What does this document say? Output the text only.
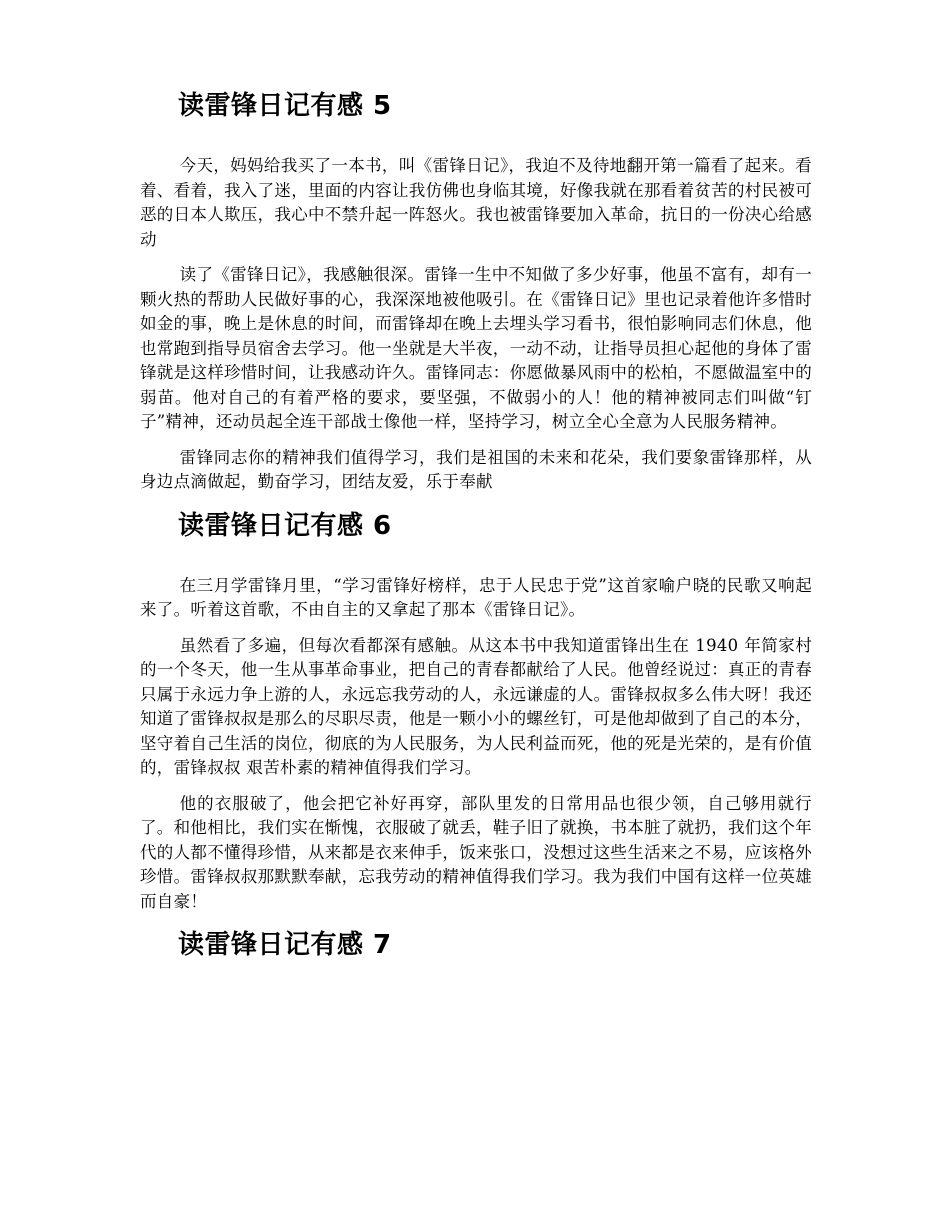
读雷锋日记有感 5

今天，妈妈给我买了一本书，叫《雷锋日记》，我迫不及待地翻开第一篇看了起来。看着、看着，我入了迷，里面的内容让我仿佛也身临其境，好像我就在那看着贫苦的村民被可恶的日本人欺压，我心中不禁升起一阵怒火。我也被雷锋要加入革命，抗日的一份决心给感动

读了《雷锋日记》，我感触很深。雷锋一生中不知做了多少好事，他虽不富有，却有一颗火热的帮助人民做好事的心，我深深地被他吸引。在《雷锋日记》里也记录着他许多惜时如金的事，晚上是休息的时间，而雷锋却在晚上去埋头学习看书，很怕影响同志们休息，他也常跑到指导员宿舍去学习。他一坐就是大半夜，一动不动，让指导员担心起他的身体了雷锋就是这样珍惜时间，让我感动许久。雷锋同志：你愿做暴风雨中的松柏，不愿做温室中的弱苗。他对自己的有着严格的要求，要坚强，不做弱小的人！他的精神被同志们叫做“钉子”精神，还动员起全连干部战士像他一样，坚持学习，树立全心全意为人民服务精神。

雷锋同志你的精神我们值得学习，我们是祖国的未来和花朵，我们要象雷锋那样，从身边点滴做起，勤奋学习，团结友爱，乐于奉献

读雷锋日记有感 6

在三月学雷锋月里，“学习雷锋好榜样，忠于人民忠于党”这首家喻户晓的民歌又响起来了。听着这首歌，不由自主的又拿起了那本《雷锋日记》。

虽然看了多遍，但每次看都深有感触。从这本书中我知道雷锋出生在 1940 年简家村的一个冬天，他一生从事革命事业，把自己的青春都献给了人民。他曾经说过：真正的青春只属于永远力争上游的人，永远忘我劳动的人，永远谦虚的人。雷锋叔叔多么伟大呀！我还知道了雷锋叔叔是那么的尽职尽责，他是一颗小小的螺丝钉，可是他却做到了自己的本分，坚守着自己生活的岗位，彻底的为人民服务，为人民利益而死，他的死是光荣的，是有价值的，雷锋叔叔 艰苦朴素的精神值得我们学习。

他的衣服破了，他会把它补好再穿，部队里发的日常用品也很少领，自己够用就行了。和他相比，我们实在惭愧，衣服破了就丢，鞋子旧了就换，书本脏了就扔，我们这个年代的人都不懂得珍惜，从来都是衣来伸手，饭来张口，没想过这些生活来之不易，应该格外珍惜。雷锋叔叔那默默奉献，忘我劳动的精神值得我们学习。我为我们中国有这样一位英雄而自豪！

读雷锋日记有感 7
